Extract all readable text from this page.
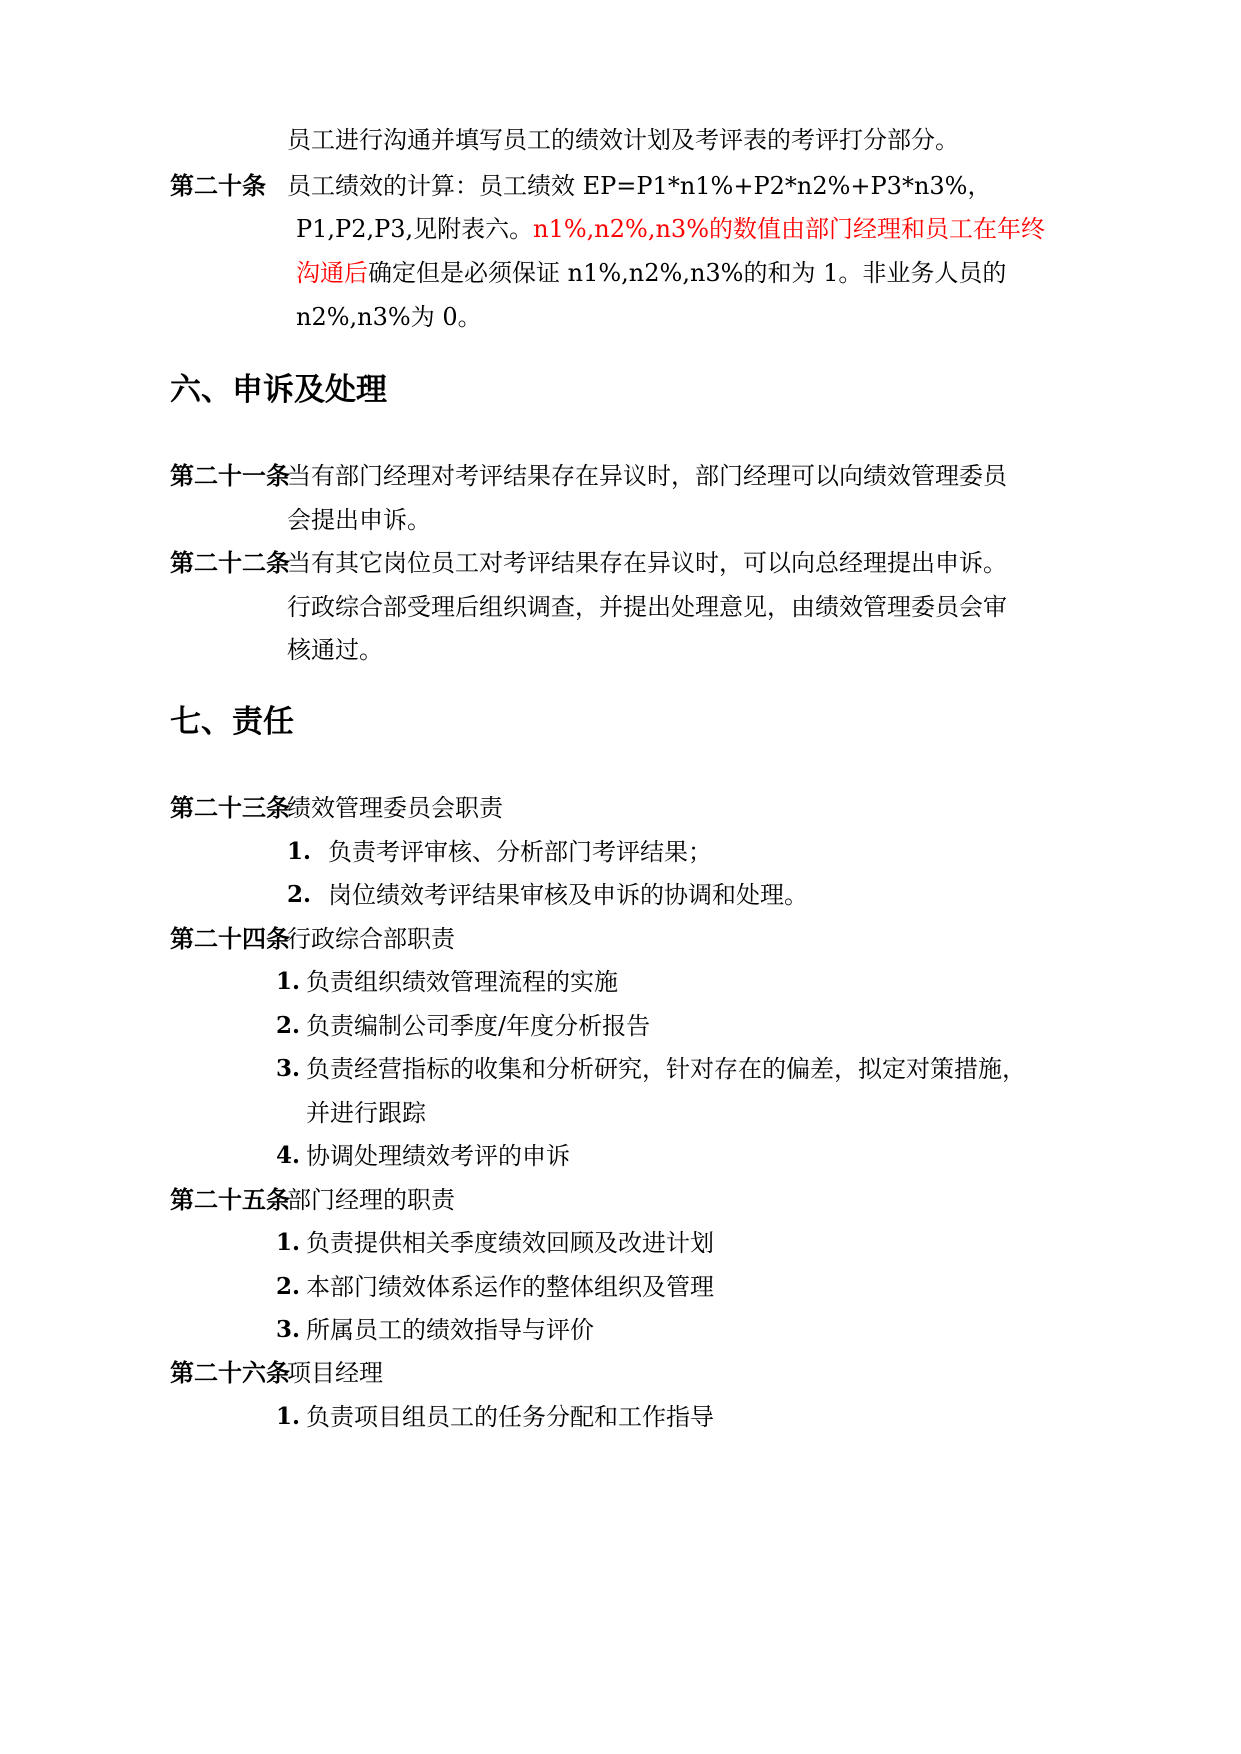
员工进行沟通并填写员工的绩效计划及考评表的考评打分部分。
第二十条 员工绩效的计算：员工绩效 EP=P1*n1%+P2*n2%+P3*n3%，
P1,P2,P3,见附表六。n1%,n2%,n3%的数值由部门经理和员工在年终
沟通后确定但是必须保证 n1%,n2%,n3%的和为 1。非业务人员的
n2%,n3%为 0。
六、申诉及处理
第二十一条
当有部门经理对考评结果存在异议时，部门经理可以向绩效管理委员
会提出申诉。
第二十二条
当有其它岗位员工对考评结果存在异议时，可以向总经理提出申诉。
行政综合部受理后组织调查，并提出处理意见，由绩效管理委员会审
核通过。
七、责任
第二十三条
绩效管理委员会职责
1. 负责考评审核、分析部门考评结果；
2. 岗位绩效考评结果审核及申诉的协调和处理。
第二十四条
行政综合部职责
1. 负责组织绩效管理流程的实施
2. 负责编制公司季度/年度分析报告
3. 负责经营指标的收集和分析研究，针对存在的偏差，拟定对策措施，
并进行跟踪
4. 协调处理绩效考评的申诉
第二十五条
部门经理的职责
1. 负责提供相关季度绩效回顾及改进计划
2. 本部门绩效体系运作的整体组织及管理
3. 所属员工的绩效指导与评价
第二十六条
项目经理
1. 负责项目组员工的任务分配和工作指导
